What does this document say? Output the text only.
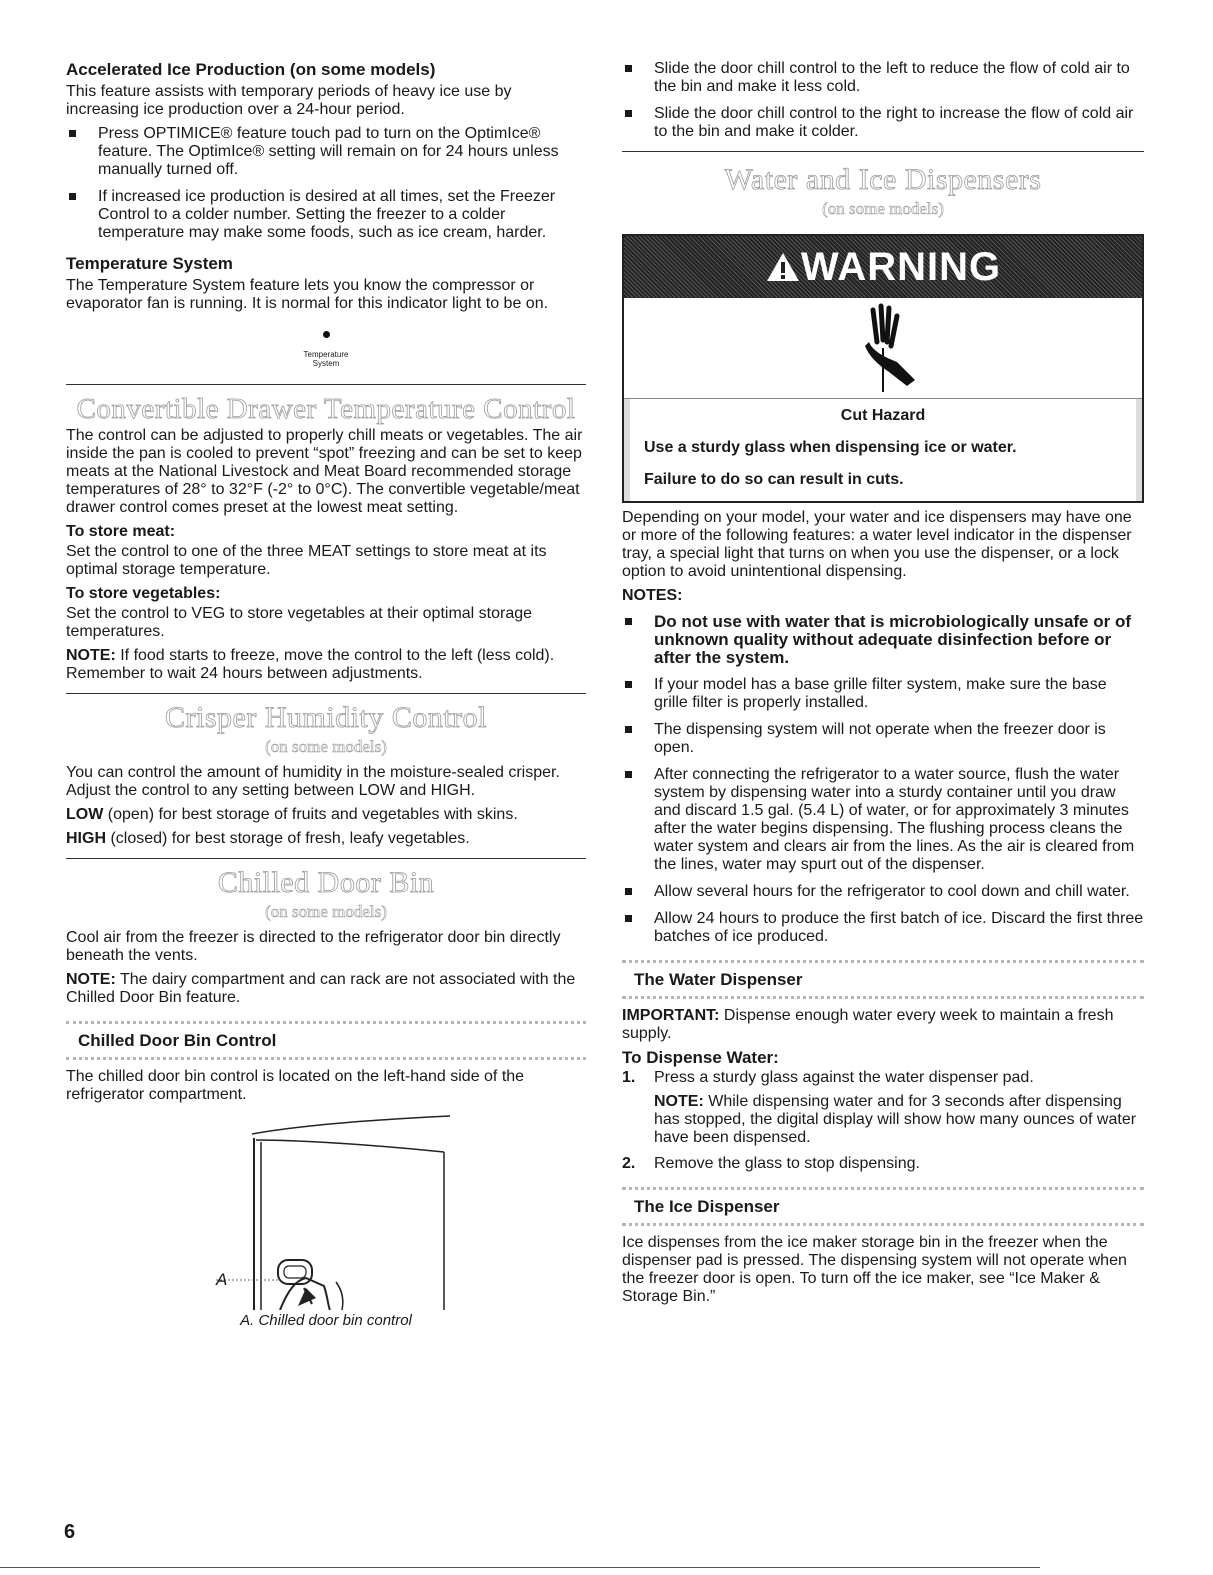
Accelerated Ice Production (on some models)

This feature assists with temporary periods of heavy ice use by increasing ice production over a 24-hour period.

Press OPTIMICE® feature touch pad to turn on the OptimIce® feature. The OptimIce® setting will remain on for 24 hours unless manually turned off.
If increased ice production is desired at all times, set the Freezer Control to a colder number. Setting the freezer to a colder temperature may make some foods, such as ice cream, harder.
Temperature System

The Temperature System feature lets you know the compressor or evaporator fan is running. It is normal for this indicator light to be on.

Temperature System
Convertible Drawer Temperature Control

The control can be adjusted to properly chill meats or vegetables. The air inside the pan is cooled to prevent “spot” freezing and can be set to keep meats at the National Livestock and Meat Board recommended storage temperatures of 28° to 32°F (-2° to 0°C). The convertible vegetable/meat drawer control comes preset at the lowest meat setting.

To store meat:

Set the control to one of the three MEAT settings to store meat at its optimal storage temperature.

To store vegetables:

Set the control to VEG to store vegetables at their optimal storage temperatures.

NOTE: If food starts to freeze, move the control to the left (less cold). Remember to wait 24 hours between adjustments.

Crisper Humidity Control
(on some models)

You can control the amount of humidity in the moisture-sealed crisper. Adjust the control to any setting between LOW and HIGH.

LOW (open) for best storage of fruits and vegetables with skins.

HIGH (closed) for best storage of fresh, leafy vegetables.

Chilled Door Bin
(on some models)

Cool air from the freezer is directed to the refrigerator door bin directly beneath the vents.

NOTE: The dairy compartment and can rack are not associated with the Chilled Door Bin feature.

Chilled Door Bin Control

The chilled door bin control is located on the left-hand side of the refrigerator compartment.

A
A. Chilled door bin control
Slide the door chill control to the left to reduce the flow of cold air to the bin and make it less cold.
Slide the door chill control to the right to increase the flow of cold air to the bin and make it colder.
Water and Ice Dispensers
(on some models)
WARNING
Cut Hazard
Use a sturdy glass when dispensing ice or water.
Failure to do so can result in cuts.

Depending on your model, your water and ice dispensers may have one or more of the following features: a water level indicator in the dispenser tray, a special light that turns on when you use the dispenser, or a lock option to avoid unintentional dispensing.

NOTES:
Do not use with water that is microbiologically unsafe or of unknown quality without adequate disinfection before or after the system.
If your model has a base grille filter system, make sure the base grille filter is properly installed.
The dispensing system will not operate when the freezer door is open.
After connecting the refrigerator to a water source, flush the water system by dispensing water into a sturdy container until you draw and discard 1.5 gal. (5.4 L) of water, or for approximately 3 minutes after the water begins dispensing. The flushing process cleans the water system and clears air from the lines. As the air is cleared from the lines, water may spurt out of the dispenser.
Allow several hours for the refrigerator to cool down and chill water.
Allow 24 hours to produce the first batch of ice. Discard the first three batches of ice produced.
The Water Dispenser

IMPORTANT: Dispense enough water every week to maintain a fresh supply.

To Dispense Water:
1. Press a sturdy glass against the water dispenser pad.
NOTE: While dispensing water and for 3 seconds after dispensing has stopped, the digital display will show how many ounces of water have been dispensed.
2. Remove the glass to stop dispensing.
The Ice Dispenser

Ice dispenses from the ice maker storage bin in the freezer when the dispenser pad is pressed. The dispensing system will not operate when the freezer door is open. To turn off the ice maker, see “Ice Maker & Storage Bin.”

6
